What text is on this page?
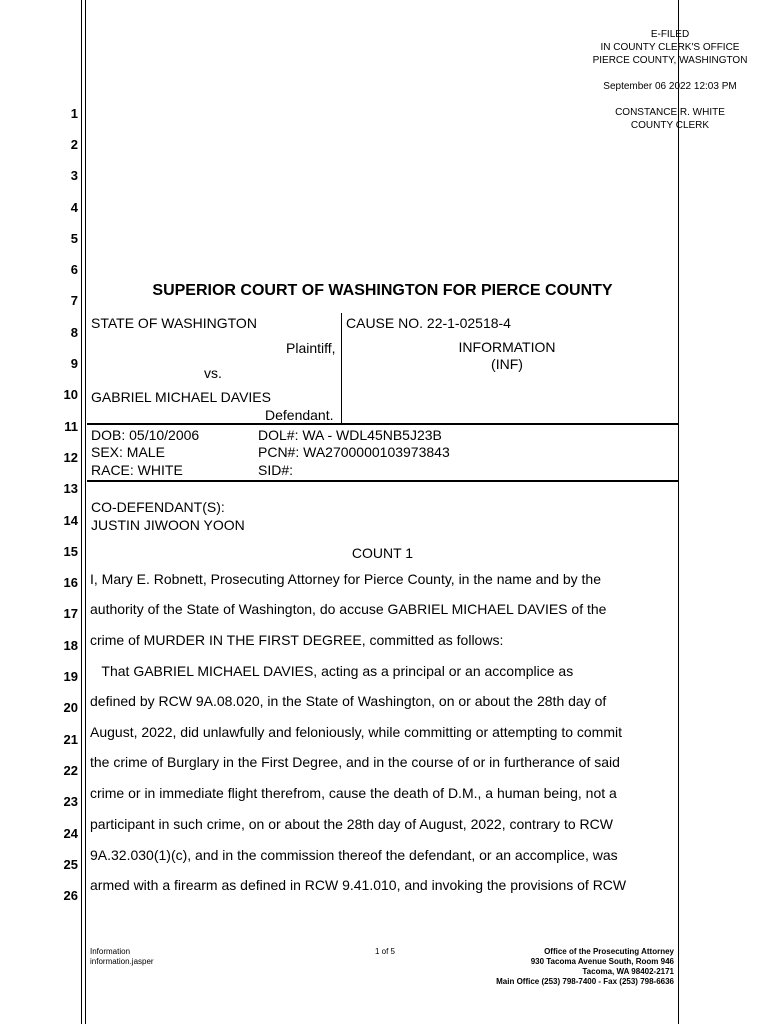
E-FILED
IN COUNTY CLERK'S OFFICE
PIERCE COUNTY, WASHINGTON
September 06 2022 12:03 PM
CONSTANCE R. WHITE
COUNTY CLERK
1
2
3
4
5
6
7
8
9
10
11
12
13
14
15
16
17
18
19
20
21
22
23
24
25
26
SUPERIOR COURT OF WASHINGTON FOR PIERCE COUNTY
STATE OF WASHINGTON
Plaintiff,
vs.
GABRIEL MICHAEL DAVIES
Defendant.
CAUSE NO. 22-1-02518-4
INFORMATION
(INF)
DOB: 05/10/2006
SEX: MALE
RACE: WHITE
DOL#: WA - WDL45NB5J23B
PCN#: WA2700000103973843
SID#:
CO-DEFENDANT(S):
JUSTIN JIWOON YOON
COUNT 1
I, Mary E. Robnett, Prosecuting Attorney for Pierce County, in the name and by the
authority of the State of Washington, do accuse GABRIEL MICHAEL DAVIES of the
crime of MURDER IN THE FIRST DEGREE, committed as follows:
That GABRIEL MICHAEL DAVIES, acting as a principal or an accomplice as
defined by RCW 9A.08.020, in the State of Washington, on or about the 28th day of
August, 2022, did unlawfully and feloniously, while committing or attempting to commit
the crime of Burglary in the First Degree, and in the course of or in furtherance of said
crime or in immediate flight therefrom, cause the death of D.M., a human being, not a
participant in such crime, on or about the 28th day of August, 2022, contrary to RCW
9A.32.030(1)(c), and in the commission thereof the defendant, or an accomplice, was
armed with a firearm as defined in RCW 9.41.010, and invoking the provisions of RCW
Information
information.jasper
1 of 5	Office of the Prosecuting Attorney
930 Tacoma Avenue South, Room 946
Tacoma, WA 98402-2171
Main Office (253) 798-7400 - Fax (253) 798-6636
